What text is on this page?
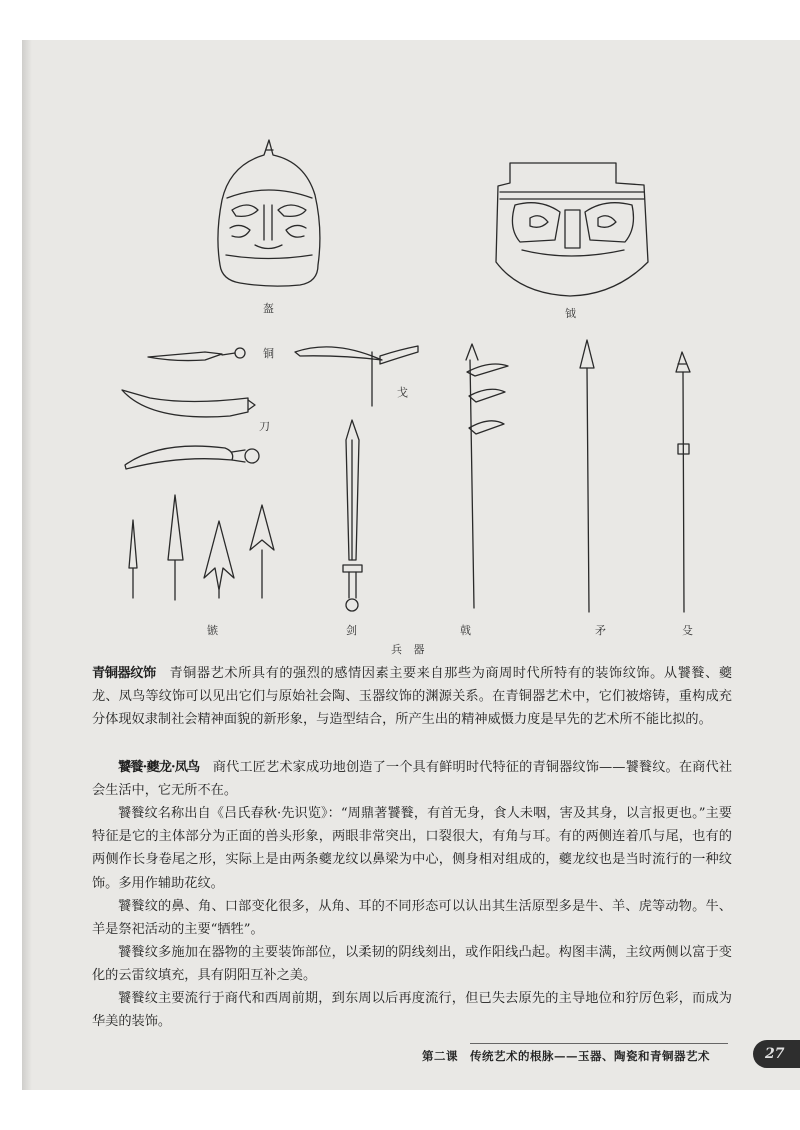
盔	钺
铜
戈
刀
镞	剑	戟	矛	殳
兵 器

青铜器纹饰　 青铜器艺术所具有的强烈的感情因素主要来自那些为商周时代所特有的装饰纹饰。从饕餮、夔龙、凤鸟等纹饰可以见出它们与原始社会陶、玉器纹饰的渊源关系。在青铜器艺术中，它们被熔铸，重构成充分体现奴隶制社会精神面貌的新形象，与造型结合，所产生出的精神威慑力度是早先的艺术所不能比拟的。

饕餮·夔龙·凤鸟　 商代工匠艺术家成功地创造了一个具有鲜明时代特征的青铜器纹饰——饕餮纹。在商代社会生活中，它无所不在。

饕餮纹名称出自《吕氏春秋·先识览》：“周鼎著饕餮，有首无身，食人未咽，害及其身，以言报更也。”主要特征是它的主体部分为正面的兽头形象，两眼非常突出，口裂很大，有角与耳。有的两侧连着爪与尾，也有的两侧作长身卷尾之形，实际上是由两条夔龙纹以鼻梁为中心，侧身相对组成的，夔龙纹也是当时流行的一种纹饰。多用作辅助花纹。

饕餮纹的鼻、角、口部变化很多，从角、耳的不同形态可以认出其生活原型多是牛、羊、虎等动物。牛、羊是祭祀活动的主要“牺牲”。

饕餮纹多施加在器物的主要装饰部位，以柔韧的阴线刻出，或作阳线凸起。构图丰满，主纹两侧以富于变化的云雷纹填充，具有阴阳互补之美。

饕餮纹主要流行于商代和西周前期，到东周以后再度流行，但已失去原先的主导地位和狞厉色彩，而成为华美的装饰。

第二课　传统艺术的根脉——玉器、陶瓷和青铜器艺术	27
